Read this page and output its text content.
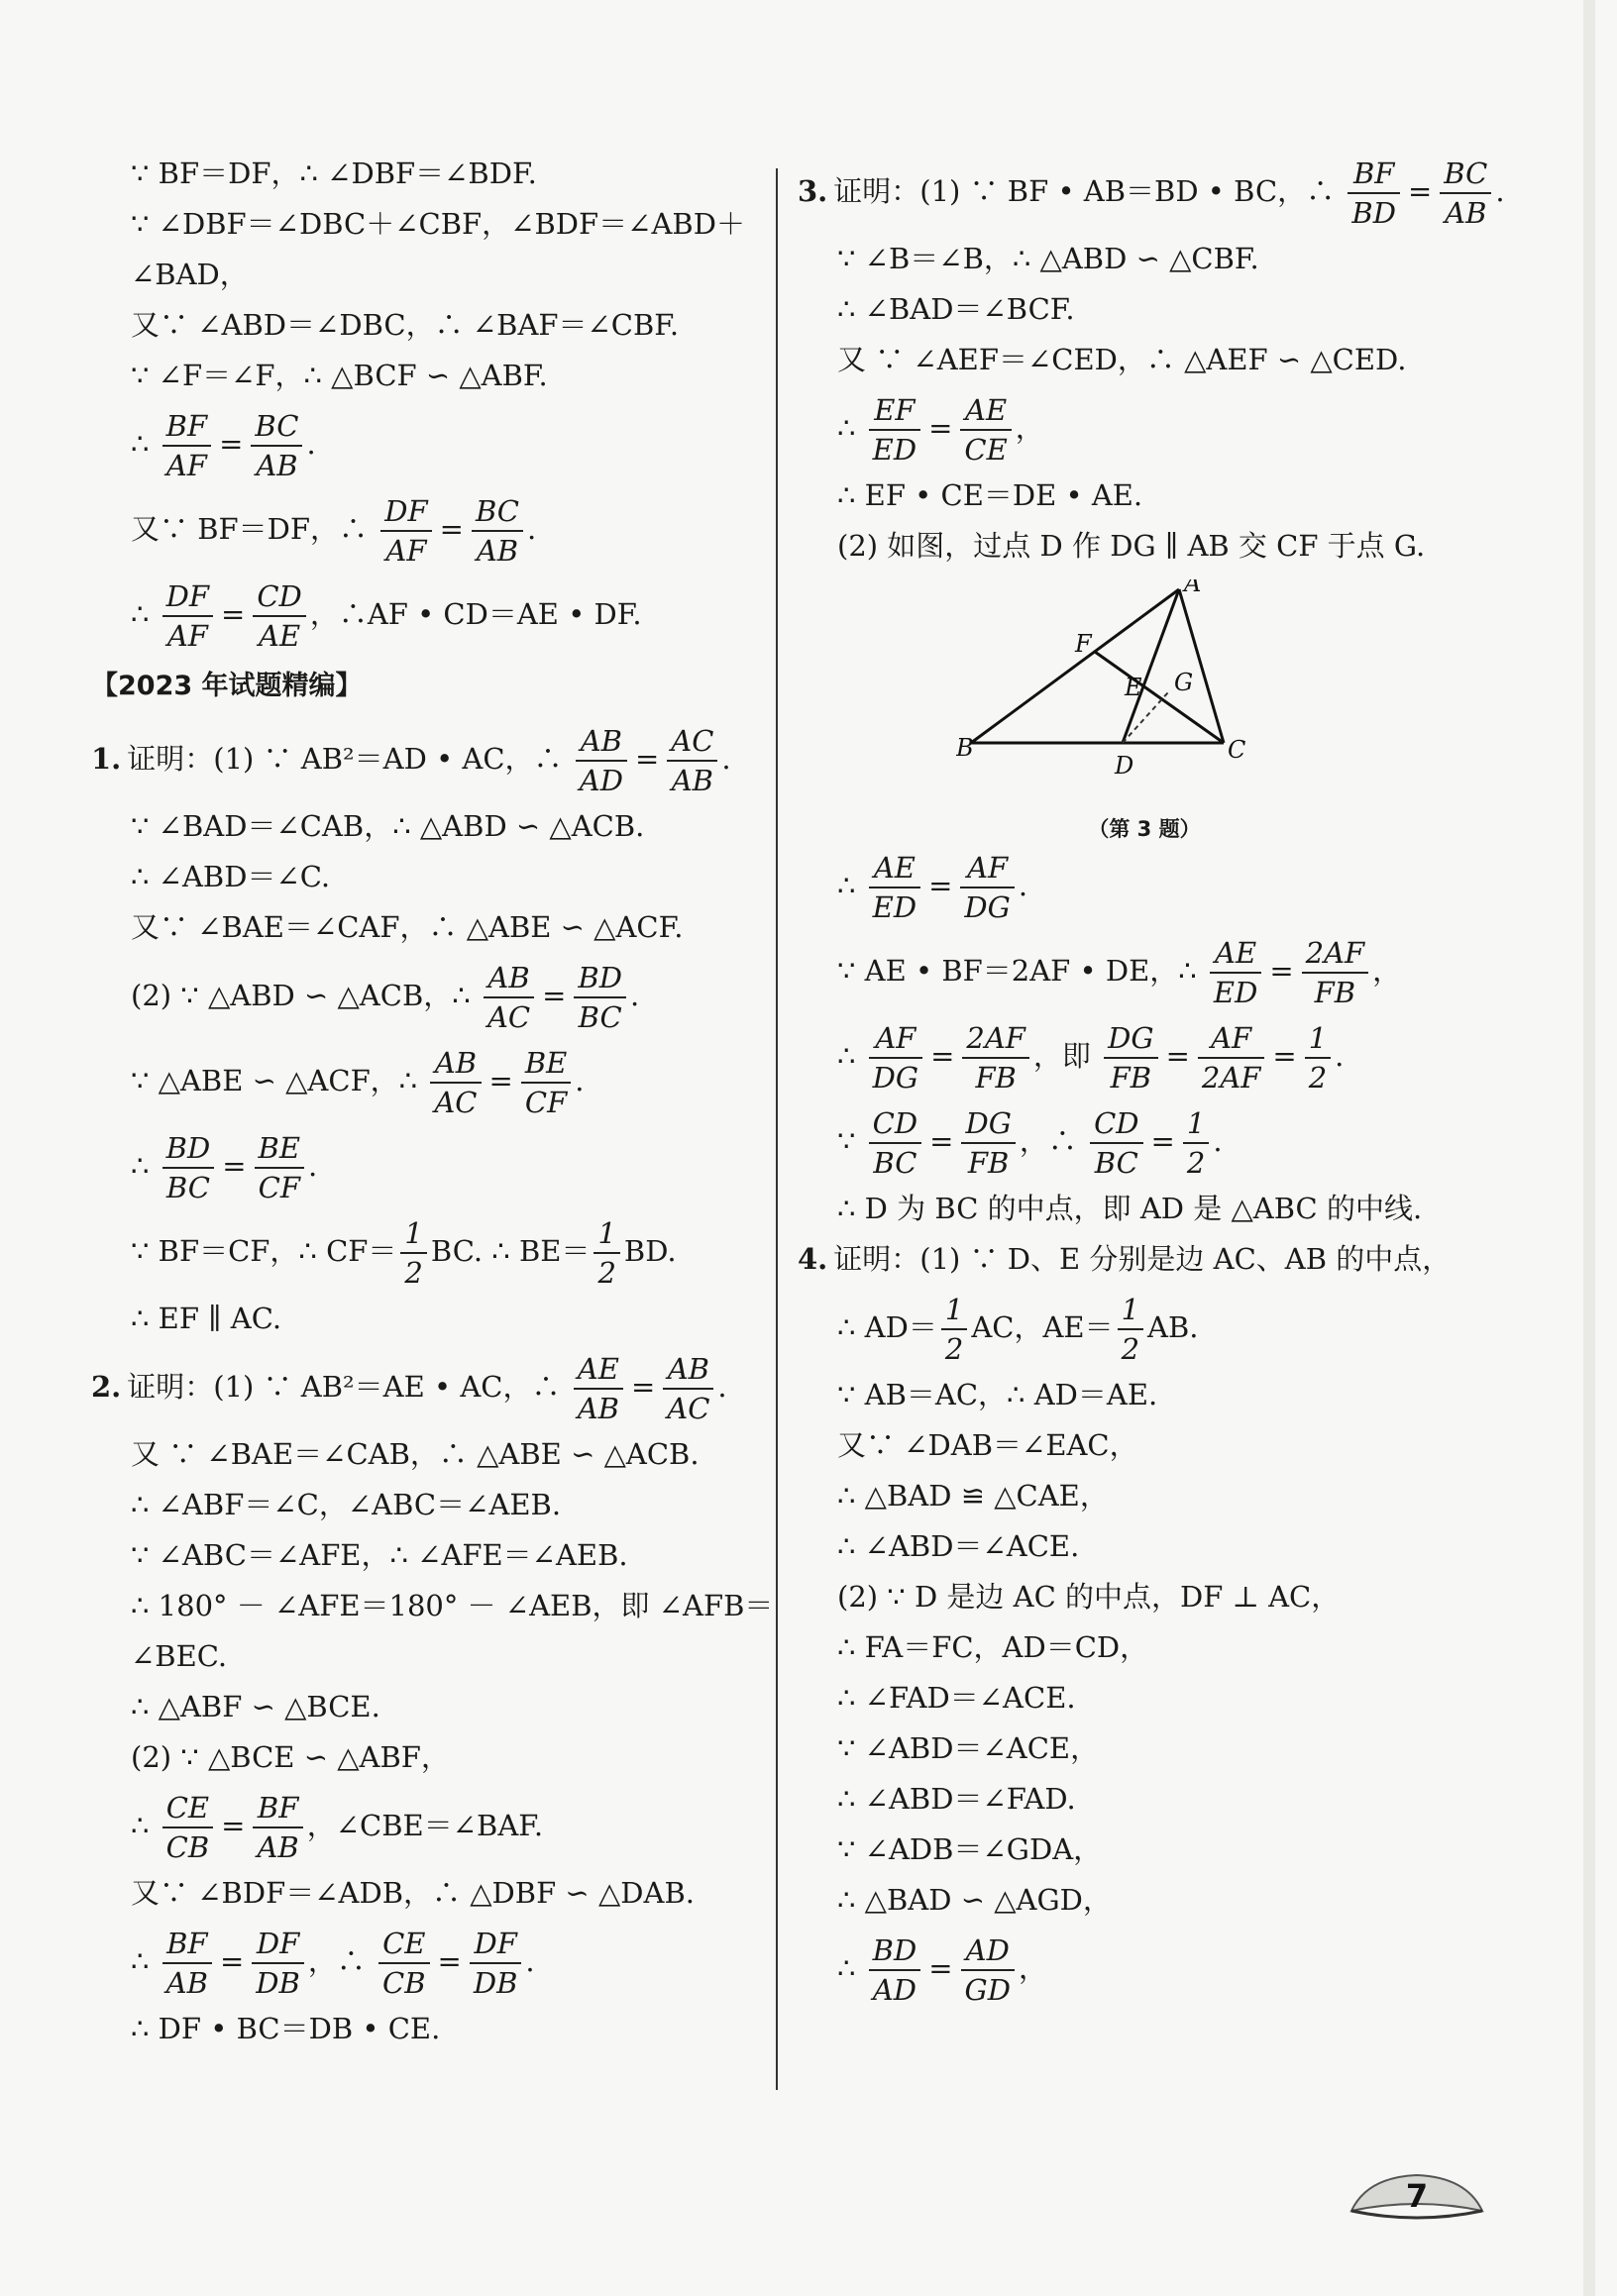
∵ BF＝DF，∴ ∠DBF＝∠BDF.
∵ ∠DBF＝∠DBC＋∠CBF，∠BDF＝∠ABD＋
∠BAD，
又∵ ∠ABD＝∠DBC，∴ ∠BAF＝∠CBF.
∵ ∠F＝∠F，∴ △BCF ∽ △ABF.
∴ $\frac{BF}{AF} = \frac{BC}{AB}$ .
又∵ BF＝DF，∴ $\frac{DF}{AF} = \frac{BC}{AB}$ .
∴ $\frac{DF}{AF} = \frac{CD}{AE}$ ，∴AF • CD＝AE • DF.
【2023 年试题精编】
1. 证明：(1) ∵ AB²＝AD • AC，∴ $\frac{AB}{AD} = \frac{AC}{AB}$ .
∵ ∠BAD＝∠CAB，∴ △ABD ∽ △ACB.
∴ ∠ABD＝∠C.
又∵ ∠BAE＝∠CAF，∴ △ABE ∽ △ACF.
(2) ∵ △ABD ∽ △ACB，∴ $\frac{AB}{AC} = \frac{BD}{BC}$ .
∵ △ABE ∽ △ACF，∴ $\frac{AB}{AC} = \frac{BE}{CF}$ .
∴ $\frac{BD}{BC} = \frac{BE}{CF}$ .
∵ BF＝CF，∴ $CF= \frac{1}{2}$ BC. ∴ $BE= \frac{1}{2}$ BD.
∴ EF ∥ AC.
2. 证明：(1) ∵ AB²＝AE • AC，∴ $\frac{AE}{AB} = \frac{AB}{AC}$ .
又 ∵ ∠BAE＝∠CAB，∴ △ABE ∽ △ACB.
∴ ∠ABF＝∠C，∠ABC＝∠AEB.
∵ ∠ABC＝∠AFE，∴ ∠AFE＝∠AEB.
∴ 180° － ∠AFE＝180° － ∠AEB，即 ∠AFB＝
∠BEC.
∴ △ABF ∽ △BCE.
(2) ∵ △BCE ∽ △ABF，
∴ $\frac{CE}{CB} = \frac{BF}{AB}$ ，∠CBE＝∠BAF.
又∵ ∠BDF＝∠ADB，∴ △DBF ∽ △DAB.
∴ $\frac{BF}{AB} = \frac{DF}{DB}$ ，∴ $\frac{CE}{CB} = \frac{DF}{DB}$ .
∴ DF • BC＝DB • CE.
3. 证明：(1) ∵ BF • AB＝BD • BC，∴ $\frac{BF}{BD} = \frac{BC}{AB}$ .
∵ ∠B＝∠B，∴ △ABD ∽ △CBF.
∴ ∠BAD＝∠BCF.
又 ∵ ∠AEF＝∠CED，∴ △AEF ∽ △CED.
∴ $\frac{EF}{ED} = \frac{AE}{CE}$ ，
∴ EF • CE＝DE • AE.
(2) 如图，过点 D 作 DG ∥ AB 交 CF 于点 G.
A
F
E G
B
D
C
（第 3 题）
∴ $\frac{AE}{ED} = \frac{AF}{DG}$ .
∵ AE • BF＝2AF • DE，∴ $\frac{AE}{ED} = \frac{2AF}{FB}$ ，
∴ $\frac{AF}{DG} = \frac{2AF}{FB}$ ，即 $\frac{DG}{FB} = \frac{AF}{2AF} = \frac{1}{2}$ .
∵ $\frac{CD}{BC} = \frac{DG}{FB}$ ，∴ $\frac{CD}{BC} = \frac{1}{2}$ .
∴ D 为 BC 的中点，即 AD 是 △ABC 的中线.
4. 证明：(1) ∵ D、E 分别是边 AC、AB 的中点，
∴ $AD= \frac{1}{2}$ AC，$AE= \frac{1}{2}$ AB.
∵ AB＝AC，∴ AD＝AE.
又∵ ∠DAB＝∠EAC，
∴ △BAD ≌ △CAE，
∴ ∠ABD＝∠ACE.
(2) ∵ D 是边 AC 的中点，DF ⊥ AC，
∴ FA＝FC，AD＝CD，
∴ ∠FAD＝∠ACE.
∵ ∠ABD＝∠ACE，
∴ ∠ABD＝∠FAD.
∵ ∠ADB＝∠GDA，
∴ △BAD ∽ △AGD，
∴ $\frac{BD}{AD} = \frac{AD}{GD}$ ，
7
